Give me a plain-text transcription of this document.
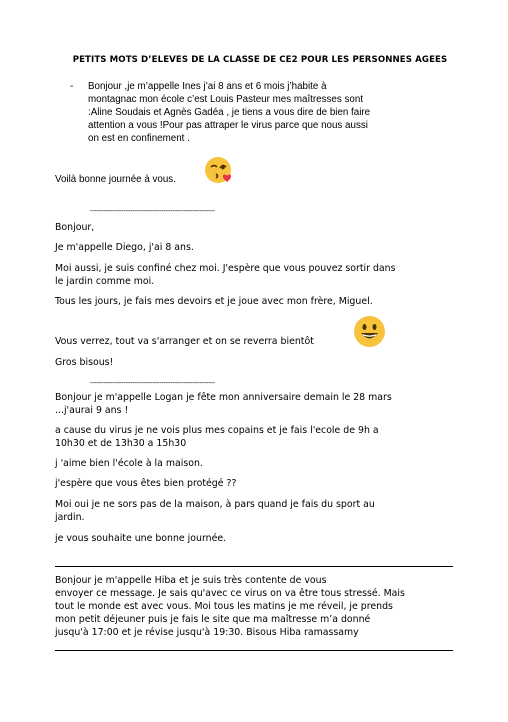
PETITS MOTS D’ELEVES DE LA CLASSE DE CE2 POUR LES PERSONNES AGEES
- Bonjour ,je m’appelle Ines j’ai 8 ans et 6 mois j’habite à
montagnac mon école c’est Louis Pasteur mes maîtresses sont
:Aline Soudais et Agnès Gadéa , je tiens a vous dire de bien faire
attention a vous !Pour pas attraper le virus parce que nous aussi
on est en confinement .
Voilà bonne journée à vous.
--------------------------------------------------------
Bonjour,
Je m'appelle Diego, j'ai 8 ans.
Moi aussi, je suis confiné chez moi. J'espère que vous pouvez sortir dans
le jardin comme moi.
Tous les jours, je fais mes devoirs et je joue avec mon frère, Miguel.
Vous verrez, tout va s'arranger et on se reverra bientôt
Gros bisous!
--------------------------------------------------------
Bonjour je m'appelle Logan je fête mon anniversaire demain le 28 mars
...j'aurai 9 ans !
a cause du virus je ne vois plus mes copains et je fais l'ecole de 9h a
10h30 et de 13h30 a 15h30
j 'aime bien l'école à la maison.
j'espère que vous êtes bien protégé ??
Moi oui je ne sors pas de la maison, à pars quand je fais du sport au
jardin.
je vous souhaite une bonne journée.
Bonjour je m'appelle Hiba et je suis très contente de vous
envoyer ce message. Je sais qu'avec ce virus on va être tous stressé. Mais
tout le monde est avec vous. Moi tous les matins je me réveil, je prends
mon petit déjeuner puis je fais le site que ma maîtresse m’a donné
jusqu'à 17:00 et je révise jusqu'à 19:30. Bisous Hiba ramassamy
